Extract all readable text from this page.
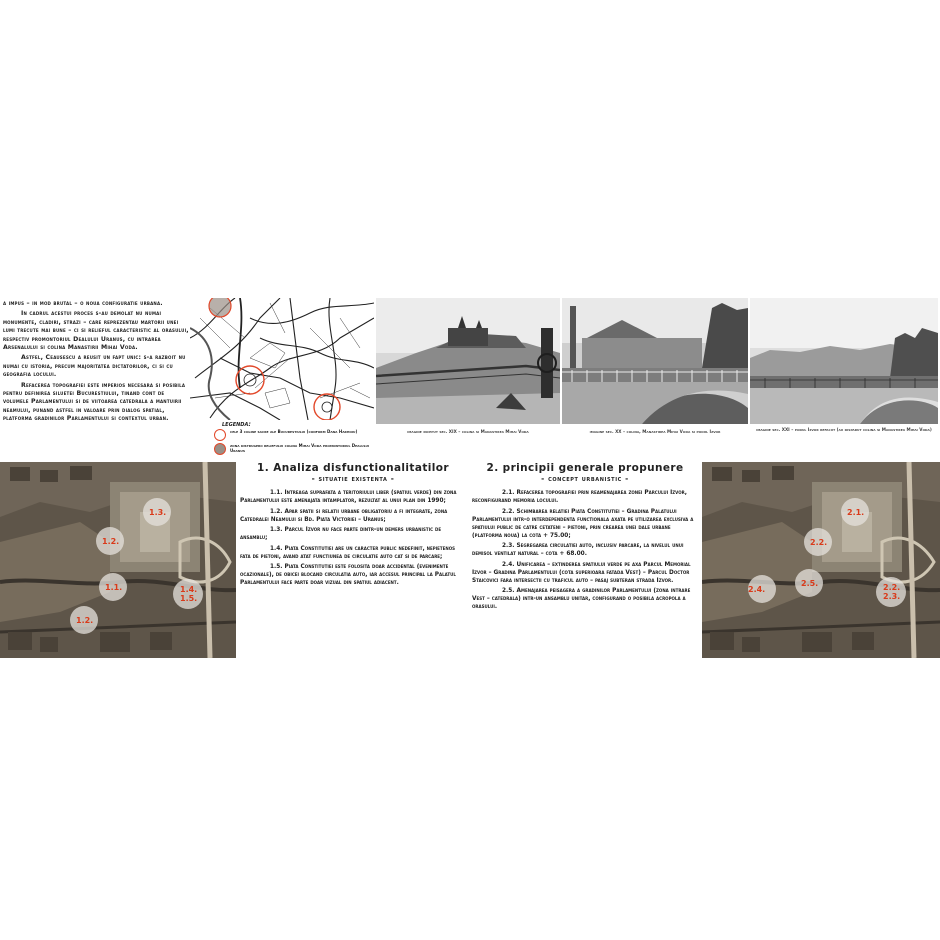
a impus – in mod brutal – o noua configuratie urbana.

In cadrul acestui proces s-au demolat nu numai monumente, cladiri, strazi – care reprezentau martorii unei lumi trecute mai bune – ci si relieful caracteristic al orasului, respectiv promontoriul Dealului Uranus, cu intrarea Arsenalului si colina Manastirii Mihai Voda.

Astfel, Ceausescu a reusit un fapt unic: s-a razboit nu numai cu istoria, precum majoritatea dictatorilor, ci si cu geografia locului.

Refacerea topografiei este imperios necesara si posibila pentru definirea siluetei Bucurestiului, tinand cont de volumele Parlamentului si de viitoarea catedrala a mantuirii neamului, punand astfel in valoare prin dialog spatial, platforma gradinilor Parlamentului si contextul urban.

legenda:
cele 3 coline sacre ale Bucurestiului (conform Dana Harhoiu)
zona distrugerii reliefului colina Mihai Voda promontoriul Dealului Uranus
imagine inceput sec. XIX – colina si Manastirea Mihai Voda	imagine sec. XX – colina, Manastirea Mihai Voda si podul Izvor	imagine sec. XXI – podul Izvor refacut (au disparut colina si Manastirea Mihai Voda)
1.3.
1.2.
1.1.	1.4.
1.5.
1.2.
1. Analiza disfunctionalitatilor
- situatie existenta -

1.1. Intreaga suprafata a teritoriului liber (spatiul verde) din zona Parlamentului este amenajata intamplator, rezultat al unui plan din 1990;

1.2. Apar spatii si relatii urbane obligatoriu a fi integrate, zona Catedralei Neamului si Bd. Piata Victoriei – Uranus;

1.3. Parcul Izvor nu face parte dintr-un demers urbanistic de ansamblu;

1.4. Piata Constitutiei are un caracter public nedefinit, nepietenos fata de pietoni, avand atat functiunea de circulatie auto cat si de parcare;

1.5. Piata Constitutiei este folosita doar accidental (evenimente ocazionale), de obicei blocand circulatia auto, iar accesul principal la Palatul Parlamentului face parte doar vizual din spatiul adiacent.

2. principii generale propunere
- concept urbanistic -

2.1. Refacerea topografiei prin reamenajarea zonei Parcului Izvor, reconfigurand memoria locului.

2.2. Schimbarea relatiei Piata Constitutiei – Gradina Palatului Parlamentului intr-o interdependenta functionala axata pe utilizarea exclusiva a spatiului public de catre cetateni – pietoni, prin crearea unei dale urbane (platforma noua) la cota + 75.00;

2.3. Segregarea circulatiei auto, inclusiv parcare, la nivelul unui demisol ventilat natural – cota + 68.00.

2.4. Unificarea – extinderea spatiului verde pe axa Parcul Memorial Izvor – Gradina Parlamentului (cota superioara fatada Vest) – Parcul Doctor Staicovici fara intersectii cu traficul auto – pasaj subteran strada Izvor.

2.5. Amenajarea peisagera a gradinilor Parlamentului (zona intrare Vest – catedrala) intr-un ansamblu unitar, configurand o posibila acropola a orasului.

2.1.
2.2.
2.4.
2.5.	2.2.
2.3.
